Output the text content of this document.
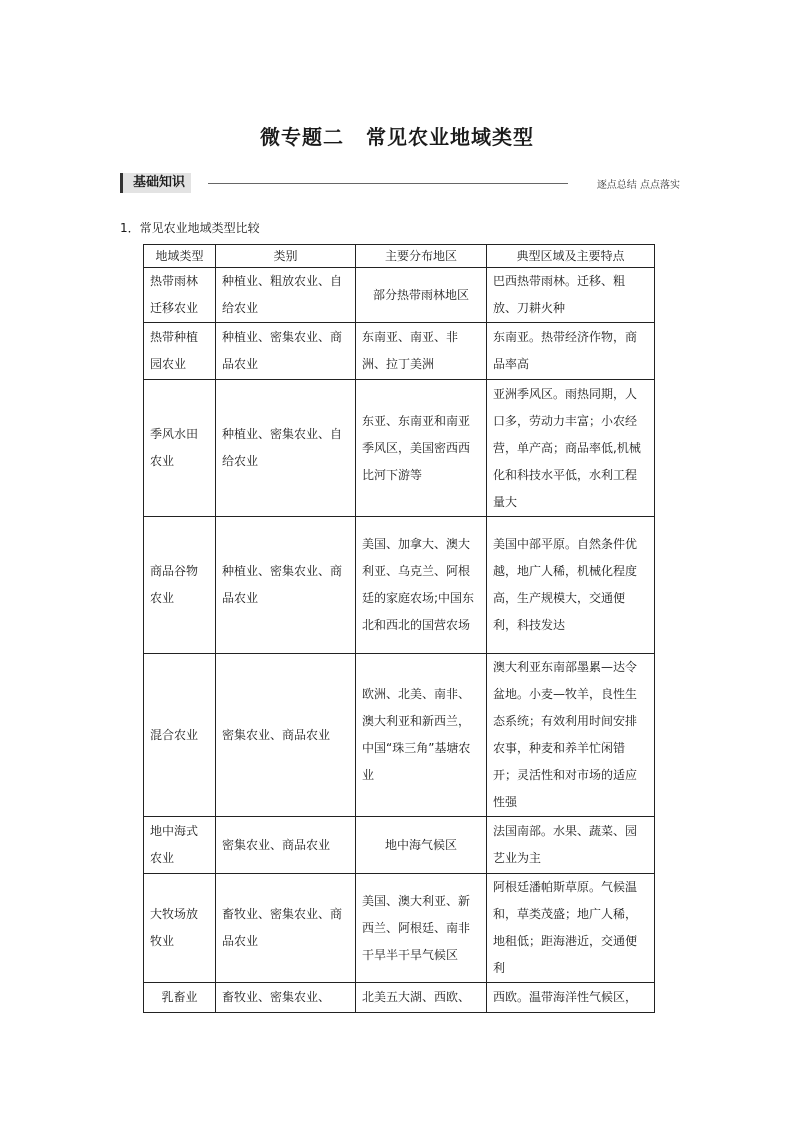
微专题二 常见农业地域类型
基础知识	逐点总结 点点落实
1．常见农业地域类型比较
地域类型	类别	主要分布地区	典型区域及主要特点
热带雨林迁移农业	种植业、粗放农业、自给农业	部分热带雨林地区	巴西热带雨林。迁移、粗放、刀耕火种
热带种植园农业	种植业、密集农业、商品农业	东南亚、南亚、非洲、拉丁美洲	东南亚。热带经济作物，商品率高
季风水田农业	种植业、密集农业、自给农业	东亚、东南亚和南亚季风区，美国密西西比河下游等	亚洲季风区。雨热同期，人口多，劳动力丰富；小农经营，单产高；商品率低,机械化和科技水平低，水利工程量大
商品谷物农业	种植业、密集农业、商品农业	美国、加拿大、澳大利亚、乌克兰、阿根廷的家庭农场;中国东北和西北的国营农场	美国中部平原。自然条件优越，地广人稀，机械化程度高，生产规模大，交通便利，科技发达
混合农业	密集农业、商品农业	欧洲、北美、南非、澳大利亚和新西兰，中国“珠三角”基塘农业	澳大利亚东南部墨累—达令盆地。小麦—牧羊，良性生态系统；有效利用时间安排农事，种麦和养羊忙闲错开；灵活性和对市场的适应性强
地中海式农业	密集农业、商品农业	地中海气候区	法国南部。水果、蔬菜、园艺业为主
大牧场放牧业	畜牧业、密集农业、商品农业	美国、澳大利亚、新西兰、阿根廷、南非干旱半干旱气候区	阿根廷潘帕斯草原。气候温和，草类茂盛；地广人稀，地租低；距海港近，交通便利
乳畜业	畜牧业、密集农业、	北美五大湖、西欧、	西欧。温带海洋性气候区，
